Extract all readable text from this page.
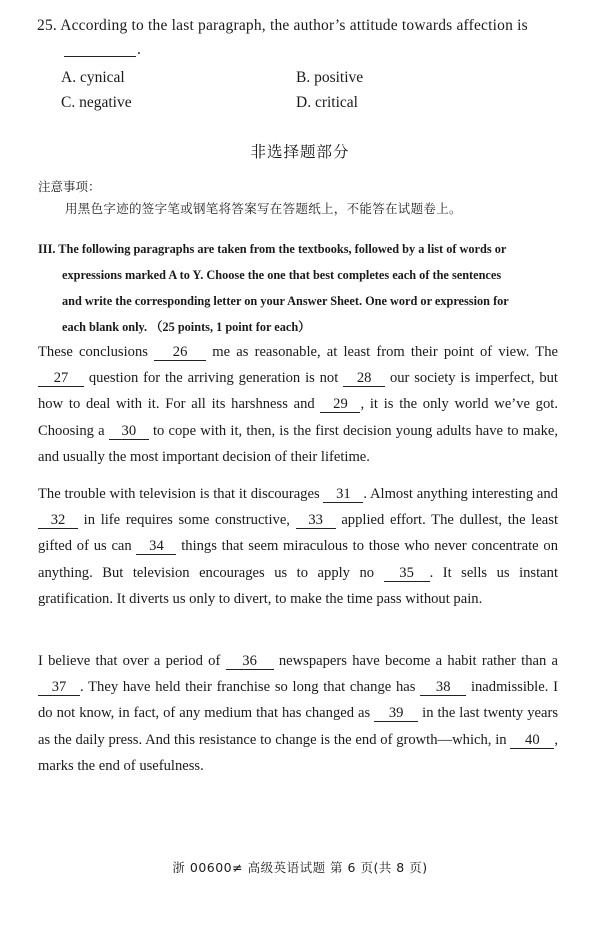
25. According to the last paragraph, the author’s attitude towards affection is
.
A. cynical	B. positive
C. negative	D. critical
非选择题部分
注意事项：
用黑色字迹的签字笔或钢笔将答案写在答题纸上，不能答在试题卷上。
III. The following paragraphs are taken from the textbooks, followed by a list of words or
expressions marked A to Y. Choose the one that best completes each of the sentences
and write the corresponding letter on your Answer Sheet. One word or expression for
each blank only. （25 points, 1 point for each）
These conclusions 26 me as reasonable, at least from their point of view. The 27 question for the arriving generation is not 28 our society is imperfect, but how to deal with it. For all its harshness and 29 , it is the only world we’ve got. Choosing a 30 to cope with it, then, is the first decision young adults have to make, and usually the most important decision of their lifetime.
The trouble with television is that it discourages 31 . Almost anything interesting and 32 in life requires some constructive, 33 applied effort. The dullest, the least gifted of us can 34 things that seem miraculous to those who never concentrate on anything. But television encourages us to apply no 35 . It sells us instant gratification. It diverts us only to divert, to make the time pass without pain.
I believe that over a period of 36 newspapers have become a habit rather than a 37 . They have held their franchise so long that change has 38 inadmissible. I do not know, in fact, of any medium that has changed as 39 in the last twenty years as the daily press. And this resistance to change is the end of growth—which, in 40 , marks the end of usefulness.
浙 00600≠ 高级英语试题 第 6 页(共 8 页)
